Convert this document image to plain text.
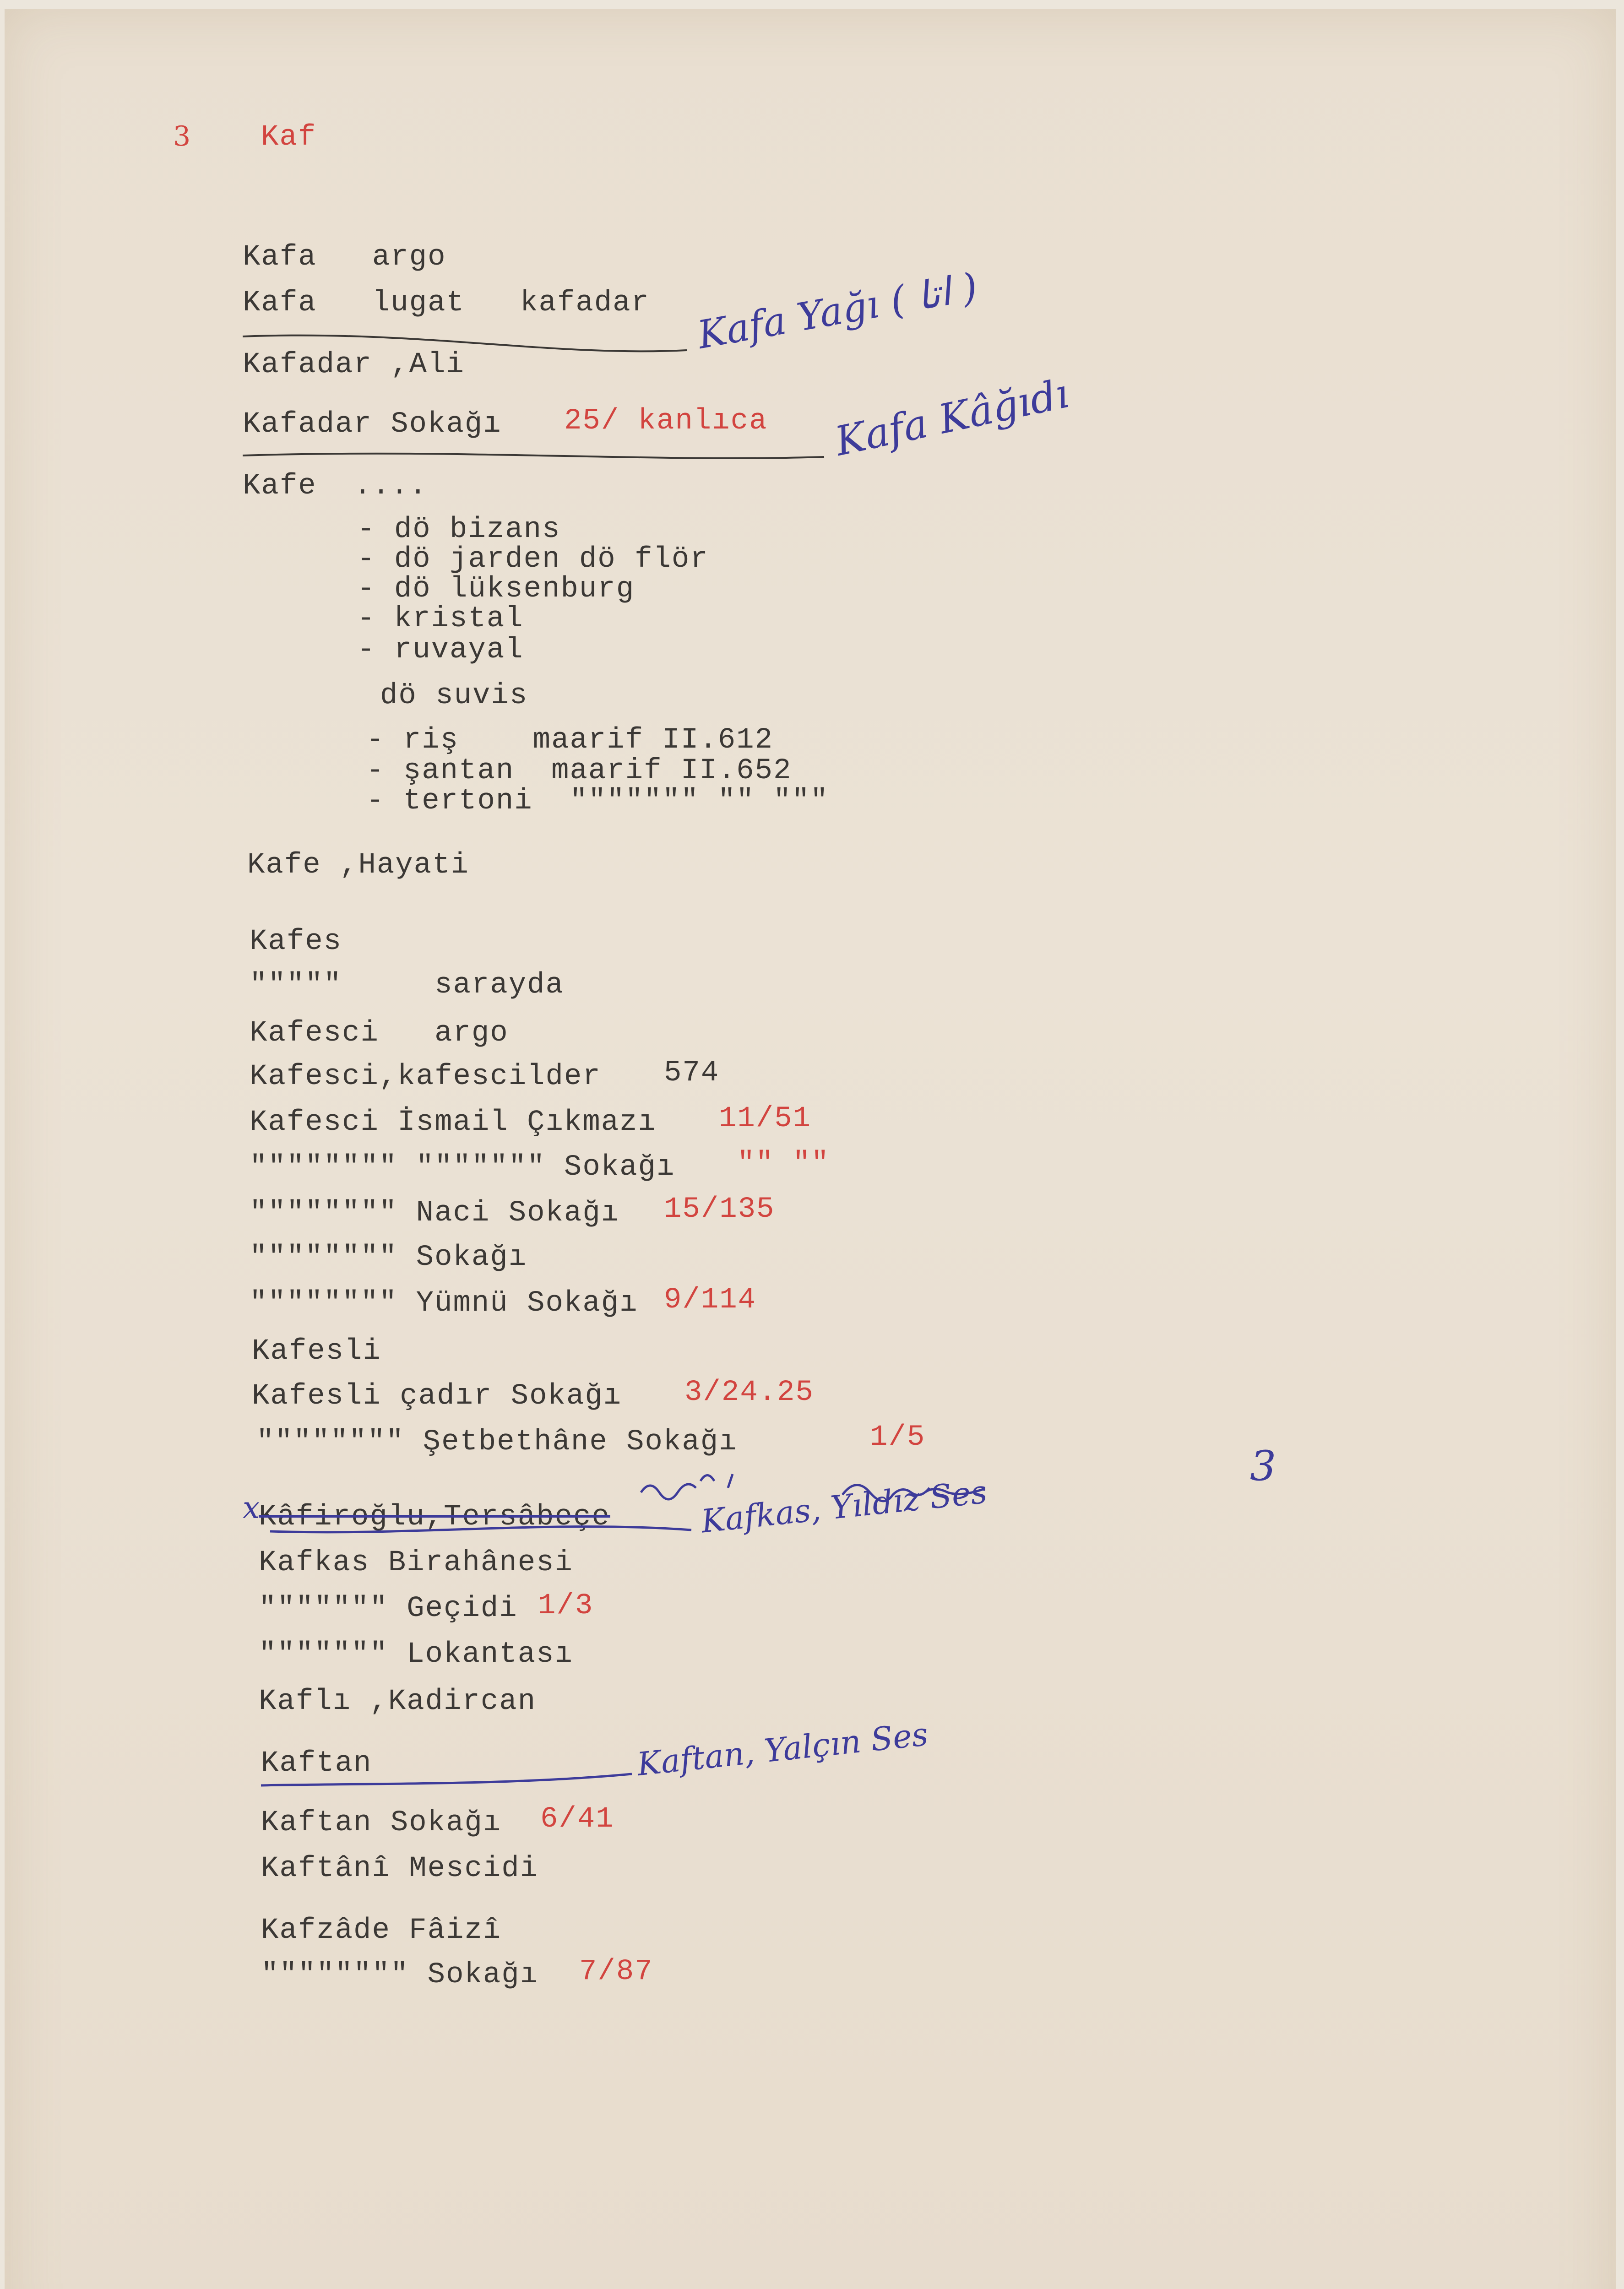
3 Kaf
Kafa   argo
Kafa   lugat   kafadar
Kafadar ,Ali
Kafadar Sokağı 25/ kanlıca
Kafe  ....
- dö bizans
- dö jarden dö flör
- dö lüksenburg
- kristal
- ruvayal
dö suvis
- riş    maarif II.612
- şantan  maarif II.652
- tertoni  """"""" "" """
Kafe ,Hayati
Kafes
"""""     sarayda
Kafesci   argo
Kafesci,kafescilder 574
Kafesci İsmail Çıkmazı 11/51
"""""""" """"""" Sokağı "" ""
"""""""" Naci Sokağı 15/135
"""""""" Sokağı
"""""""" Yümnü Sokağı 9/114
Kafesli
Kafesli çadır Sokağı 3/24.25
"""""""" Şetbethâne Sokağı	1/5
Kâfiroğlu,Tersâbeçe
Kafkas Birahânesi
""""""" Geçidi 1/3
""""""" Lokantası
Kaflı ,Kadircan
Kaftan
Kaftan Sokağı 6/41
Kaftânî Mescidi
Kafzâde Fâizî
"""""""" Sokağı 7/87
Kafa Yağı ( اتا )
Kafa Kâğıdı
Kafkas, Yıldız Ses
Kaftan, Yalçın Ses
3
x
